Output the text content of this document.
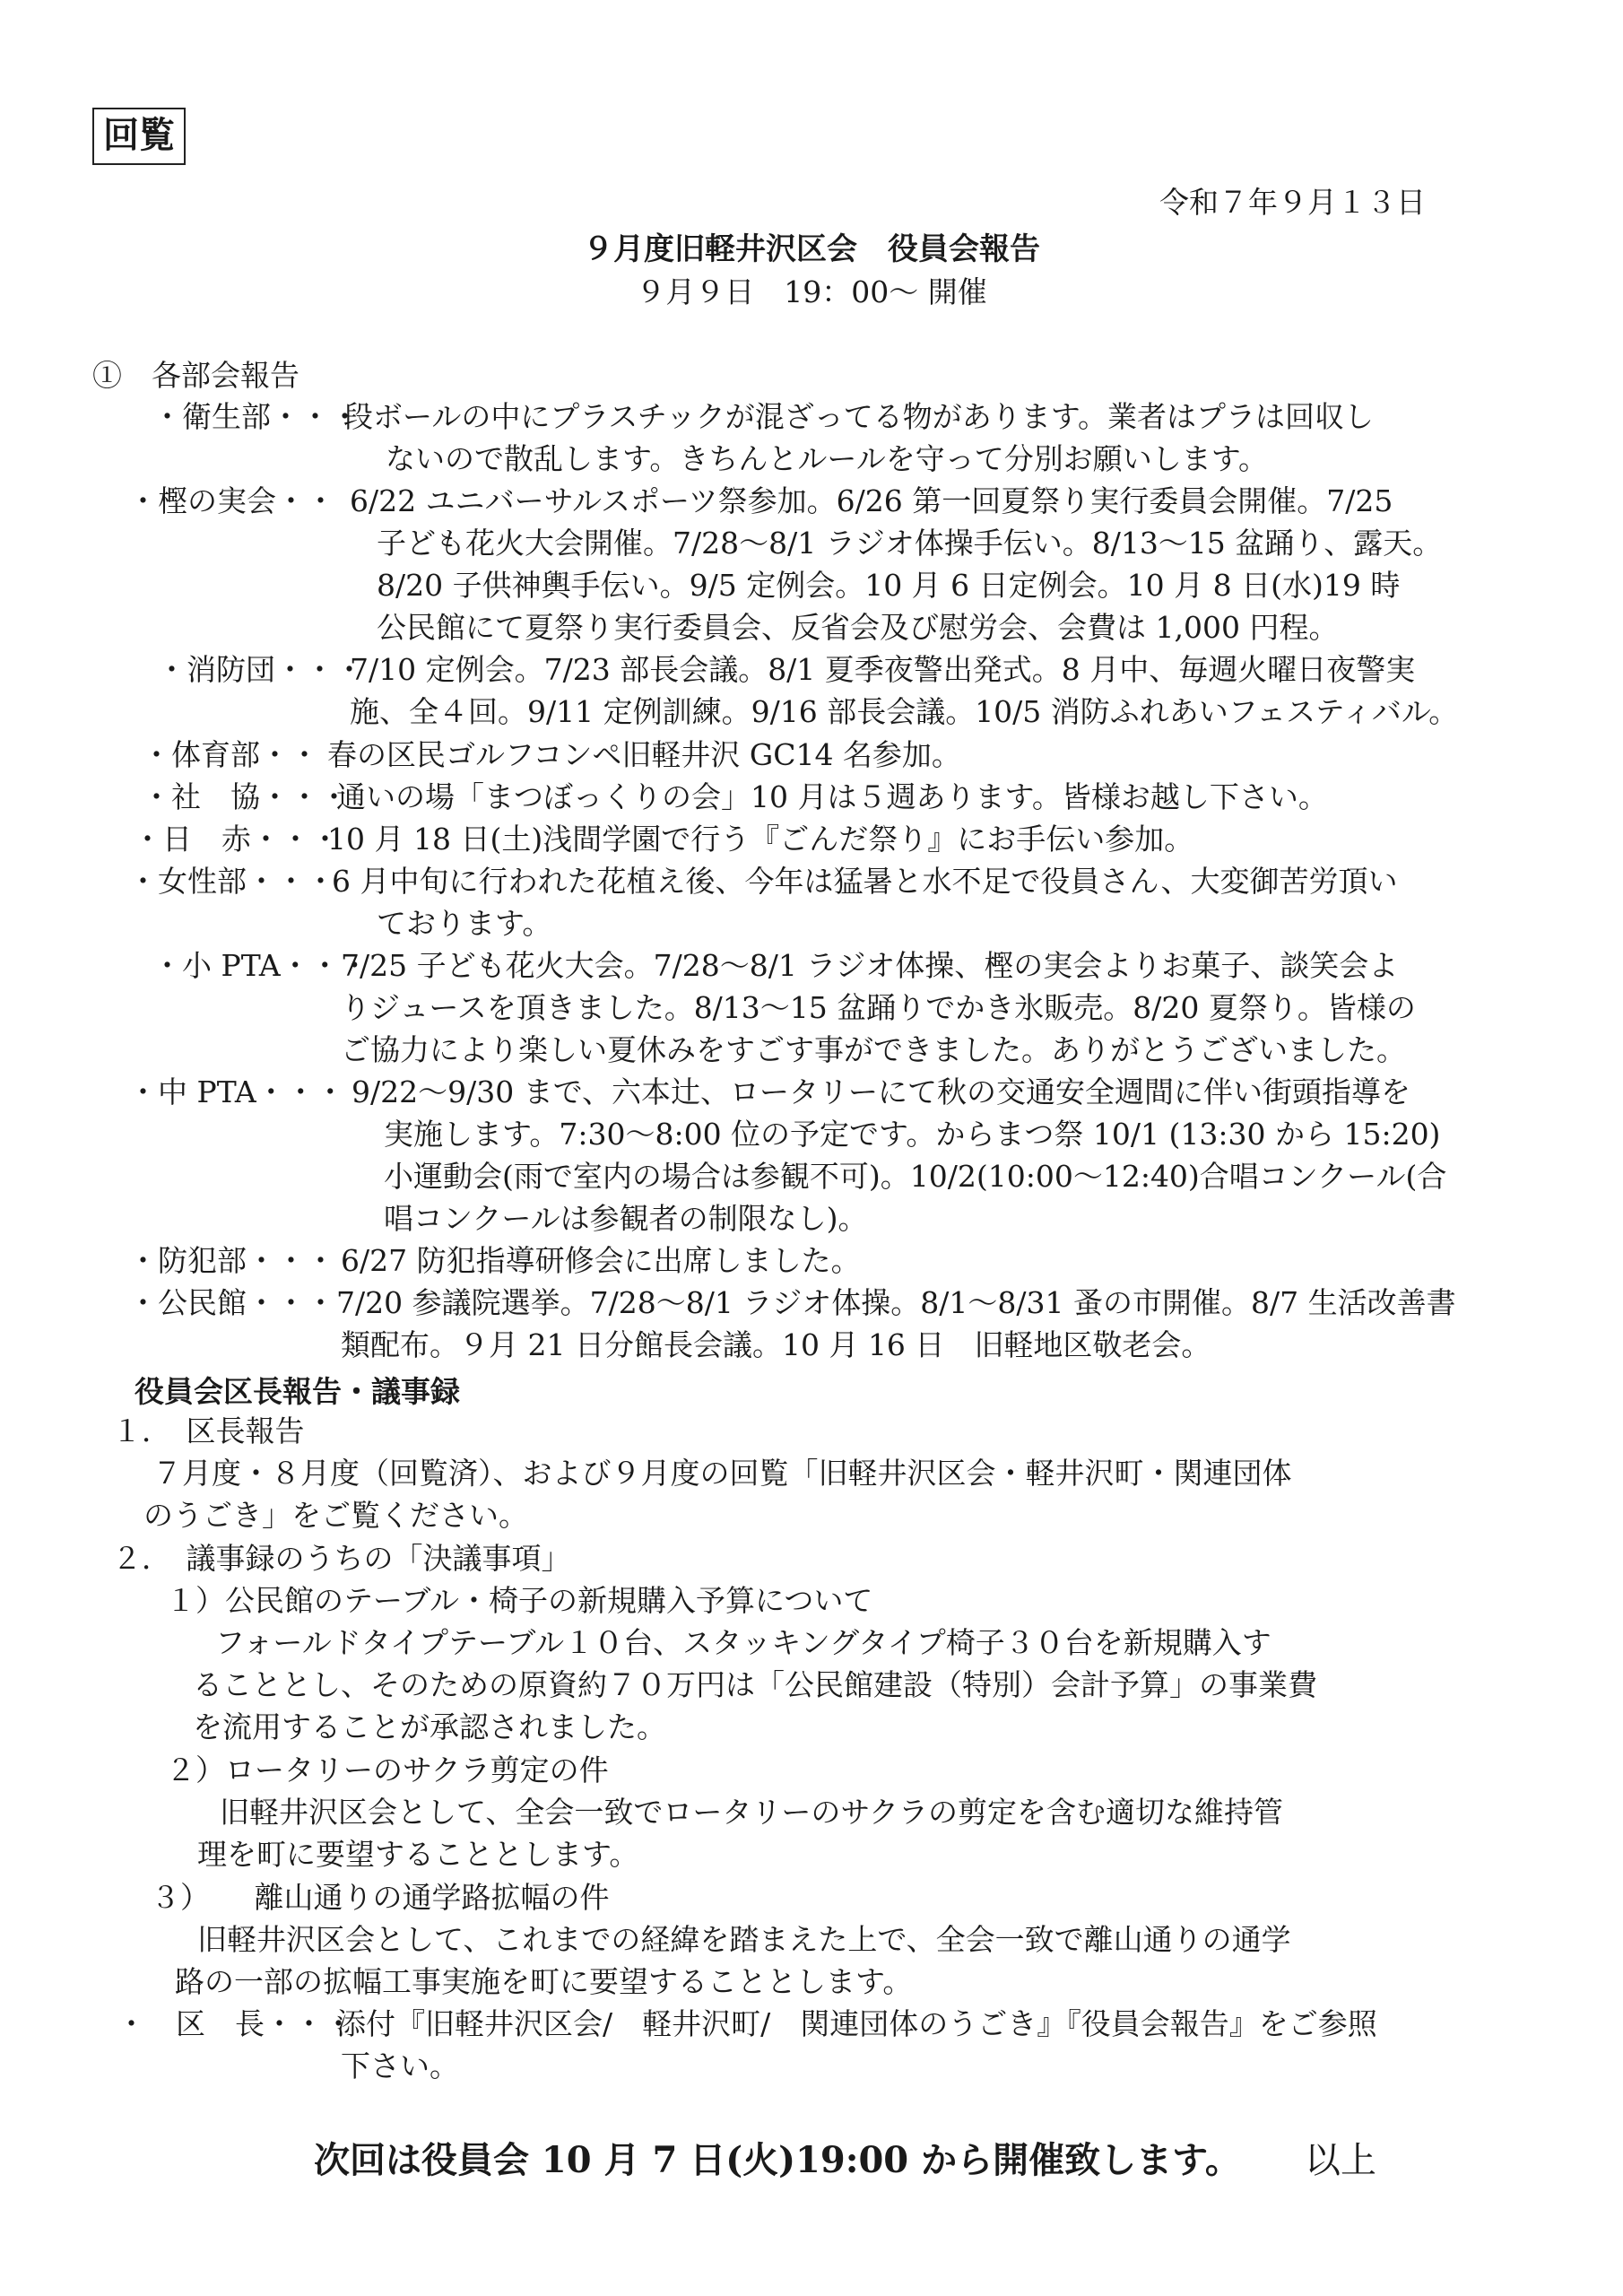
回覧
令和７年９月１３日
９月度旧軽井沢区会　役員会報告
９月９日　19：00～ 開催
①　各部会報告
・衛生部・・・
段ボールの中にプラスチックが混ざってる物があります。業者はプラは回収し
ないので散乱します。きちんとルールを守って分別お願いします。
・樫の実会・・ 6/22 ユニバーサルスポーツ祭参加。6/26 第一回夏祭り実行委員会開催。7/25
子ども花火大会開催。7/28～8/1 ラジオ体操手伝い。8/13～15 盆踊り、露天。
8/20 子供神輿手伝い。9/5 定例会。10 月 6 日定例会。10 月 8 日(水)19 時
公民館にて夏祭り実行委員会、反省会及び慰労会、会費は 1,000 円程。
・消防団・・・
7/10 定例会。7/23 部長会議。8/1 夏季夜警出発式。8 月中、毎週火曜日夜警実
施、全４回。9/11 定例訓練。9/16 部長会議。10/5 消防ふれあいフェスティバル。
・体育部・・ 春の区民ゴルフコンペ旧軽井沢 GC14 名参加。
・社　協・・・
通いの場「まつぼっくりの会」10 月は５週あります。皆様お越し下さい。
・日　赤・・・
10 月 18 日(土)浅間学園で行う『ごんだ祭り』にお手伝い参加。
・女性部・・・
6 月中旬に行われた花植え後、今年は猛暑と水不足で役員さん、大変御苦労頂い
ております。
・小 PTA・・・
7/25 子ども花火大会。7/28～8/1 ラジオ体操、樫の実会よりお菓子、談笑会よ
りジュースを頂きました。8/13～15 盆踊りでかき氷販売。8/20 夏祭り。皆様の
ご協力により楽しい夏休みをすごす事ができました。ありがとうございました。
・中 PTA・・・ 9/22～9/30 まで、六本辻、ロータリーにて秋の交通安全週間に伴い街頭指導を
実施します。7:30～8:00 位の予定です。からまつ祭 10/1 (13:30 から 15:20)
小運動会(雨で室内の場合は参観不可)。10/2(10:00～12:40)合唱コンクール(合
唱コンクールは参観者の制限なし)。
・防犯部・・・ 6/27 防犯指導研修会に出席しました。
・公民館・・・ 7/20 参議院選挙。7/28～8/1 ラジオ体操。8/1～8/31 蚤の市開催。8/7 生活改善書
類配布。９月 21 日分館長会議。10 月 16 日　旧軽地区敬老会。
役員会区長報告・議事録
１．　区長報告
７月度・８月度（回覧済）、および９月度の回覧「旧軽井沢区会・軽井沢町・関連団体
のうごき」をご覧ください。
２．　議事録のうちの「決議事項」
１）公民館のテーブル・椅子の新規購入予算について
フォールドタイプテーブル１０台、スタッキングタイプ椅子３０台を新規購入す
ることとし、そのための原資約７０万円は「公民館建設（特別）会計予算」の事業費
を流用することが承認されました。
２）ロータリーのサクラ剪定の件
旧軽井沢区会として、全会一致でロータリーのサクラの剪定を含む適切な維持管
理を町に要望することとします。
３）　　離山通りの通学路拡幅の件
旧軽井沢区会として、これまでの経緯を踏まえた上で、全会一致で離山通りの通学
路の一部の拡幅工事実施を町に要望することとします。
・　区　長・・・
添付『旧軽井沢区会/　軽井沢町/　関連団体のうごき』『役員会報告』をご参照
下さい。
次回は役員会 10 月 7 日(火)19:00 から開催致します。 以上
